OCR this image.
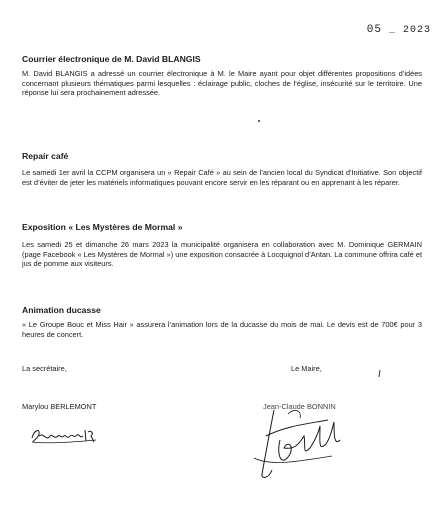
05 _ 2023

Courrier électronique de M. David BLANGIS

M. David BLANGIS a adressé un courrier électronique à M. le Maire ayant pour objet différentes propositions d’idées concernant plusieurs thématiques parmi lesquelles : éclairage public, cloches de l’église, insécurité sur le territoire. Une réponse lui sera prochainement adressée.

Repair café

Le samedi 1er avril la CCPM organisera un « Repair Café » au sein de l’ancien local du Syndicat d’Initiative. Son objectif est d’éviter de jeter les matériels informatiques pouvant encore servir en les réparant ou en apprenant à les réparer.

Exposition « Les Mystères de Mormal »

Les samedi 25 et dimanche 26 mars 2023 la municipalité organisera en collaboration avec M. Dominique GERMAIN (page Facebook « Les Mystères de Mormal ») une exposition consacrée à Locquignol d’Antan. La commune offrira café et jus de pomme aux visiteurs.

Animation ducasse

« Le Groupe Bouc et Miss Hair » assurera l’animation lors de la ducasse du mois de mai. Le devis est de 700€ pour 3 heures de concert.

La secrétaire,	Le Maire,

Marylou BERLEMONT	Jean-Claude BONNIN
